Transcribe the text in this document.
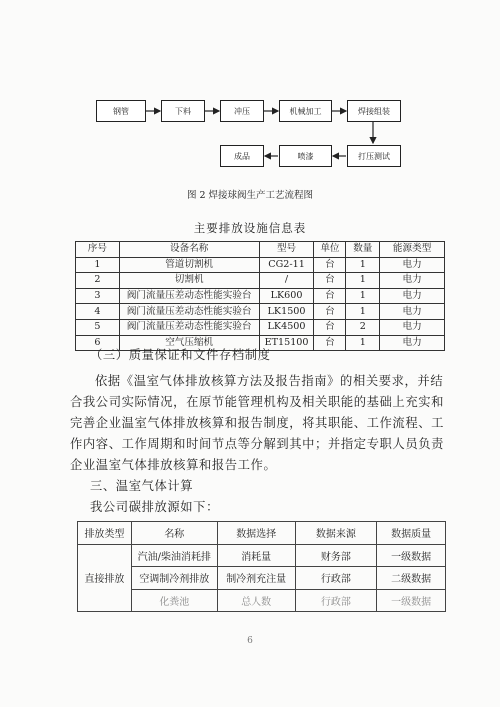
钢管	下料	冲压	机械加工	焊接组装
打压测试
喷漆
成品
图 2 焊接球阀生产工艺流程图
主要排放设施信息表
序号	设备名称	型号	单位	数量	能源类型
1	管道切割机	CG2-11	台	1	电力
2	切割机	/	台	1	电力
3	阀门流量压差动态性能实验台	LK600	台	1	电力
4	阀门流量压差动态性能实验台	LK1500	台	1	电力
5	阀门流量压差动态性能实验台	LK4500	台	2	电力
6	空气压缩机	ET15100	台	1	电力
（三）质量保证和文件存档制度
依据《温室气体排放核算方法及报告指南》的相关要求，并结
合我公司实际情况，在原节能管理机构及相关职能的基础上充实和
完善企业温室气体排放核算和报告制度，将其职能、工作流程、工
作内容、工作周期和时间节点等分解到其中；并指定专职人员负责
企业温室气体排放核算和报告工作。
三、温室气体计算
我公司碳排放源如下：
排放类型	名称	数据选择	数据来源	数据质量
直接排放	汽油/柴油消耗排	消耗量	财务部	一级数据
	空调制冷剂排放	制冷剂充注量	行政部	二级数据
	化粪池	总人数	行政部	一级数据
6
